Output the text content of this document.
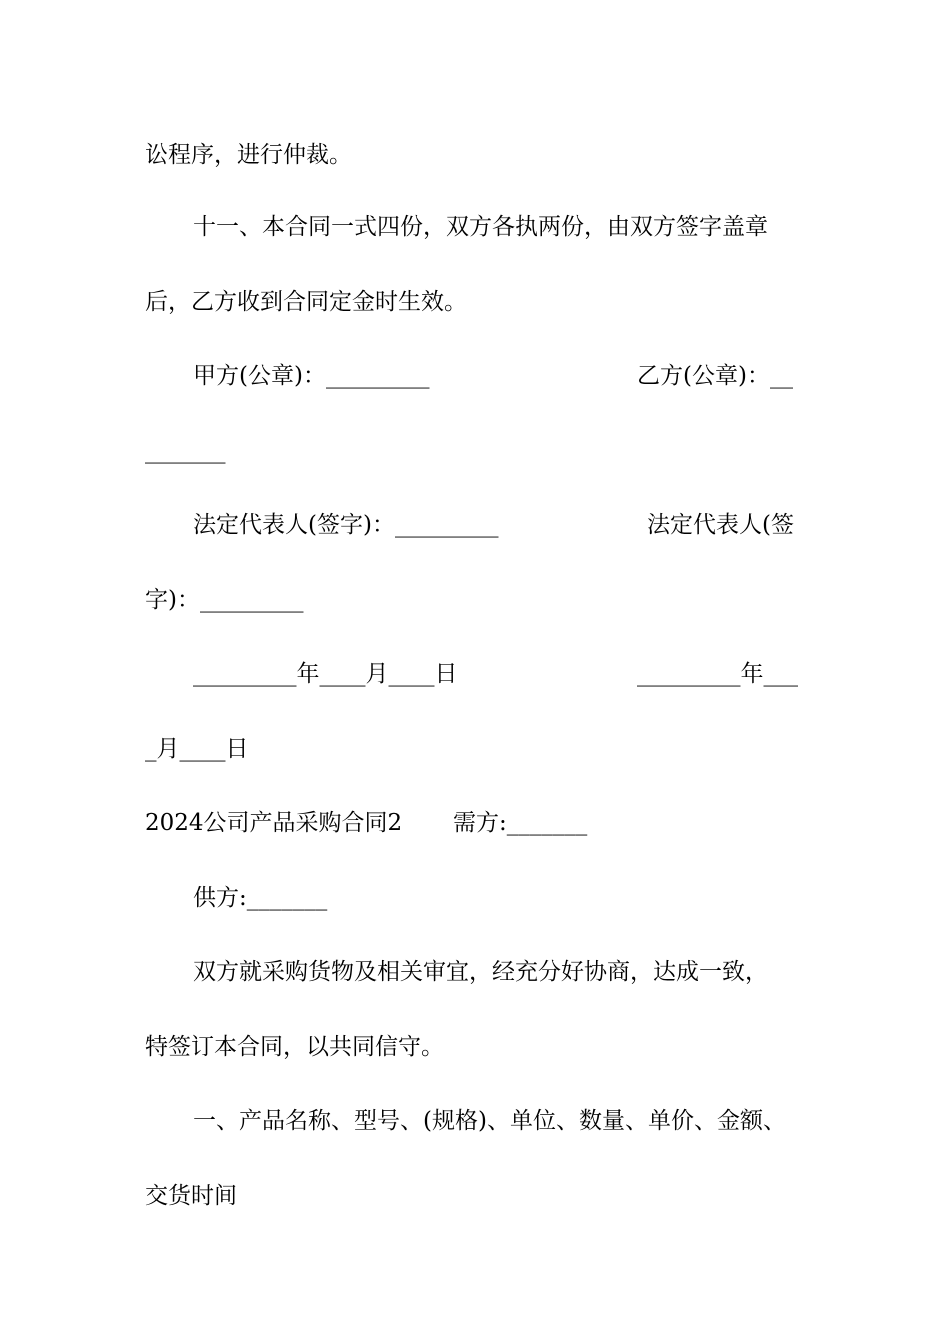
讼程序，进行仲裁。
十一、本合同一式四份，双方各执两份，由双方签字盖章
后，乙方收到合同定金时生效。
甲方(公章)：_________	乙方(公章)：__
_______
法定代表人(签字)：_________	法定代表人(签
字)：_________
_________年____月____日	_________年___
_月____日
2024公司产品采购合同2 需方:_______
供方:_______
双方就采购货物及相关审宜，经充分好协商，达成一致，
特签订本合同，以共同信守。
一、产品名称、型号、(规格)、单位、数量、单价、金额、
交货时间
